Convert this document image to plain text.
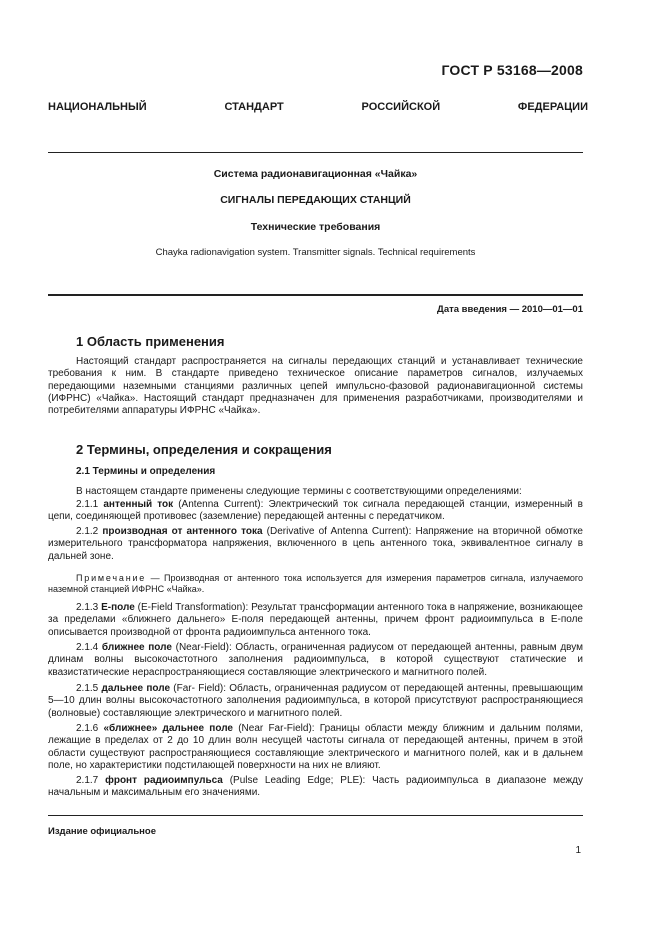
ГОСТ Р 53168—2008
НАЦИОНАЛЬНЫЙ СТАНДАРТ РОССИЙСКОЙ ФЕДЕРАЦИИ
Система радионавигационная «Чайка»
СИГНАЛЫ ПЕРЕДАЮЩИХ СТАНЦИЙ
Технические требования
Chayka radionavigation system. Transmitter signals. Technical requirements
Дата введения — 2010—01—01
1 Область применения

Настоящий стандарт распространяется на сигналы передающих станций и устанавливает технические требования к ним. В стандарте приведено техническое описание параметров сигналов, излучаемых передающими наземными станциями различных цепей импульсно-фазовой радионавигационной системы (ИФРНС) «Чайка». Настоящий стандарт предназначен для применения разработчиками, производителями и потребителями аппаратуры ИФРНС «Чайка».

2 Термины, определения и сокращения
2.1 Термины и определения

В настоящем стандарте применены следующие термины с соответствующими определениями:

2.1.1 антенный ток (Antenna Current): Электрический ток сигнала передающей станции, измеренный в цепи, соединяющей противовес (заземление) передающей антенны с передатчиком.

2.1.2 производная от антенного тока (Derivative of Antenna Current): Напряжение на вторичной обмотке измерительного трансформатора напряжения, включенного в цепь антенного тока, эквивалентное сигналу в дальней зоне.

Примечание — Производная от антенного тока используется для измерения параметров сигнала, излучаемого наземной станцией ИФРНС «Чайка».

2.1.3 E-поле (E-Field Transformation): Результат трансформации антенного тока в напряжение, возникающее за пределами «ближнего дальнего» E-поля передающей антенны, причем фронт радиоимпульса в E-поле описывается производной от фронта радиоимпульса антенного тока.

2.1.4 ближнее поле (Near-Field): Область, ограниченная радиусом от передающей антенны, равным двум длинам волны высокочастотного заполнения радиоимпульса, в которой существуют статические и квазистатические нераспространяющиеся составляющие электрического и магнитного полей.

2.1.5 дальнее поле (Far- Field): Область, ограниченная радиусом от передающей антенны, превышающим 5—10 длин волны высокочастотного заполнения радиоимпульса, в которой присутствуют распространяющиеся (волновые) составляющие электрического и магнитного полей.

2.1.6 «ближнее» дальнее поле (Near Far-Field): Границы области между ближним и дальним полями, лежащие в пределах от 2 до 10 длин волн несущей частоты сигнала от передающей антенны, причем в этой области существуют распространяющиеся составляющие электрического и магнитного полей, как и в дальнем поле, но характеристики подстилающей поверхности на них не влияют.

2.1.7 фронт радиоимпульса (Pulse Leading Edge; PLE): Часть радиоимпульса в диапазоне между начальным и максимальным его значениями.

Издание официальное
1
